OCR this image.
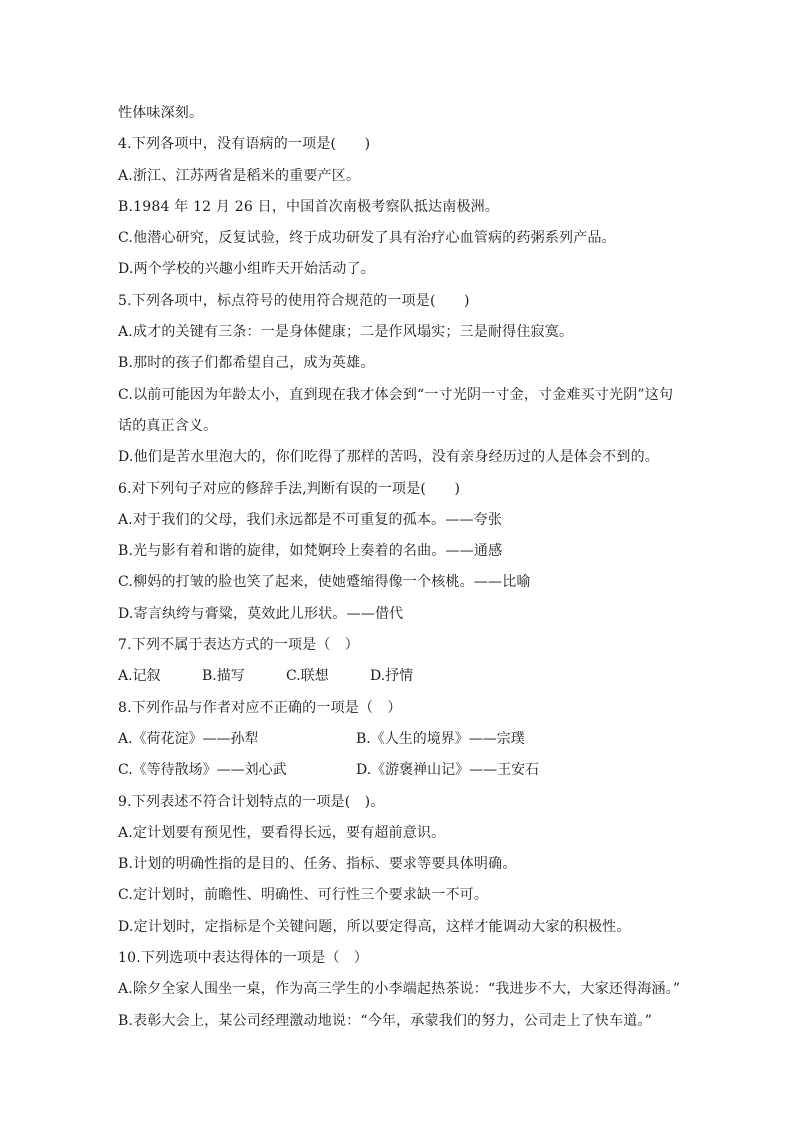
性体味深刻。
4.下列各项中，没有语病的一项是(　　)
A.浙江、江苏两省是稻米的重要产区。
B.1984 年 12 月 26 日，中国首次南极考察队抵达南极洲。
C.他潜心研究，反复试验，终于成功研发了具有治疗心血管病的药粥系列产品。
D.两个学校的兴趣小组昨天开始活动了。
5.下列各项中，标点符号的使用符合规范的一项是(　　)
A.成才的关键有三条：一是身体健康；二是作风塌实；三是耐得住寂寞。
B.那时的孩子们都希望自己，成为英雄。
C.以前可能因为年龄太小，直到现在我才体会到“一寸光阴一寸金，寸金难买寸光阴”这句
话的真正含义。
D.他们是苦水里泡大的，你们吃得了那样的苦吗，没有亲身经历过的人是体会不到的。
6.对下列句子对应的修辞手法,判断有误的一项是(　　)
A.对于我们的父母，我们永远都是不可重复的孤本。——夸张
B.光与影有着和谐的旋律，如梵婀玲上奏着的名曲。——通感
C.柳妈的打皱的脸也笑了起来，使她蹙缩得像一个核桃。——比喻
D.寄言纨绔与膏粱，莫效此儿形状。——借代
7.下列不属于表达方式的一项是（　）
A.记叙	B.描写	C.联想	D.抒情
8.下列作品与作者对应不正确的一项是（　）
A.《荷花淀》——孙犁	B.《人生的境界》——宗璞
C.《等待散场》——刘心武	D.《游褒禅山记》——王安石
9.下列表述不符合计划特点的一项是(　)。
A.定计划要有预见性，要看得长远，要有超前意识。
B.计划的明确性指的是目的、任务、指标、要求等要具体明确。
C.定计划时，前瞻性、明确性、可行性三个要求缺一不可。
D.定计划时，定指标是个关键问题，所以要定得高，这样才能调动大家的积极性。
10.下列选项中表达得体的一项是（　）
A.除夕全家人围坐一桌，作为高三学生的小李端起热茶说：“我进步不大，大家还得海涵。”
B.表彰大会上，某公司经理激动地说：“今年，承蒙我们的努力，公司走上了快车道。”
